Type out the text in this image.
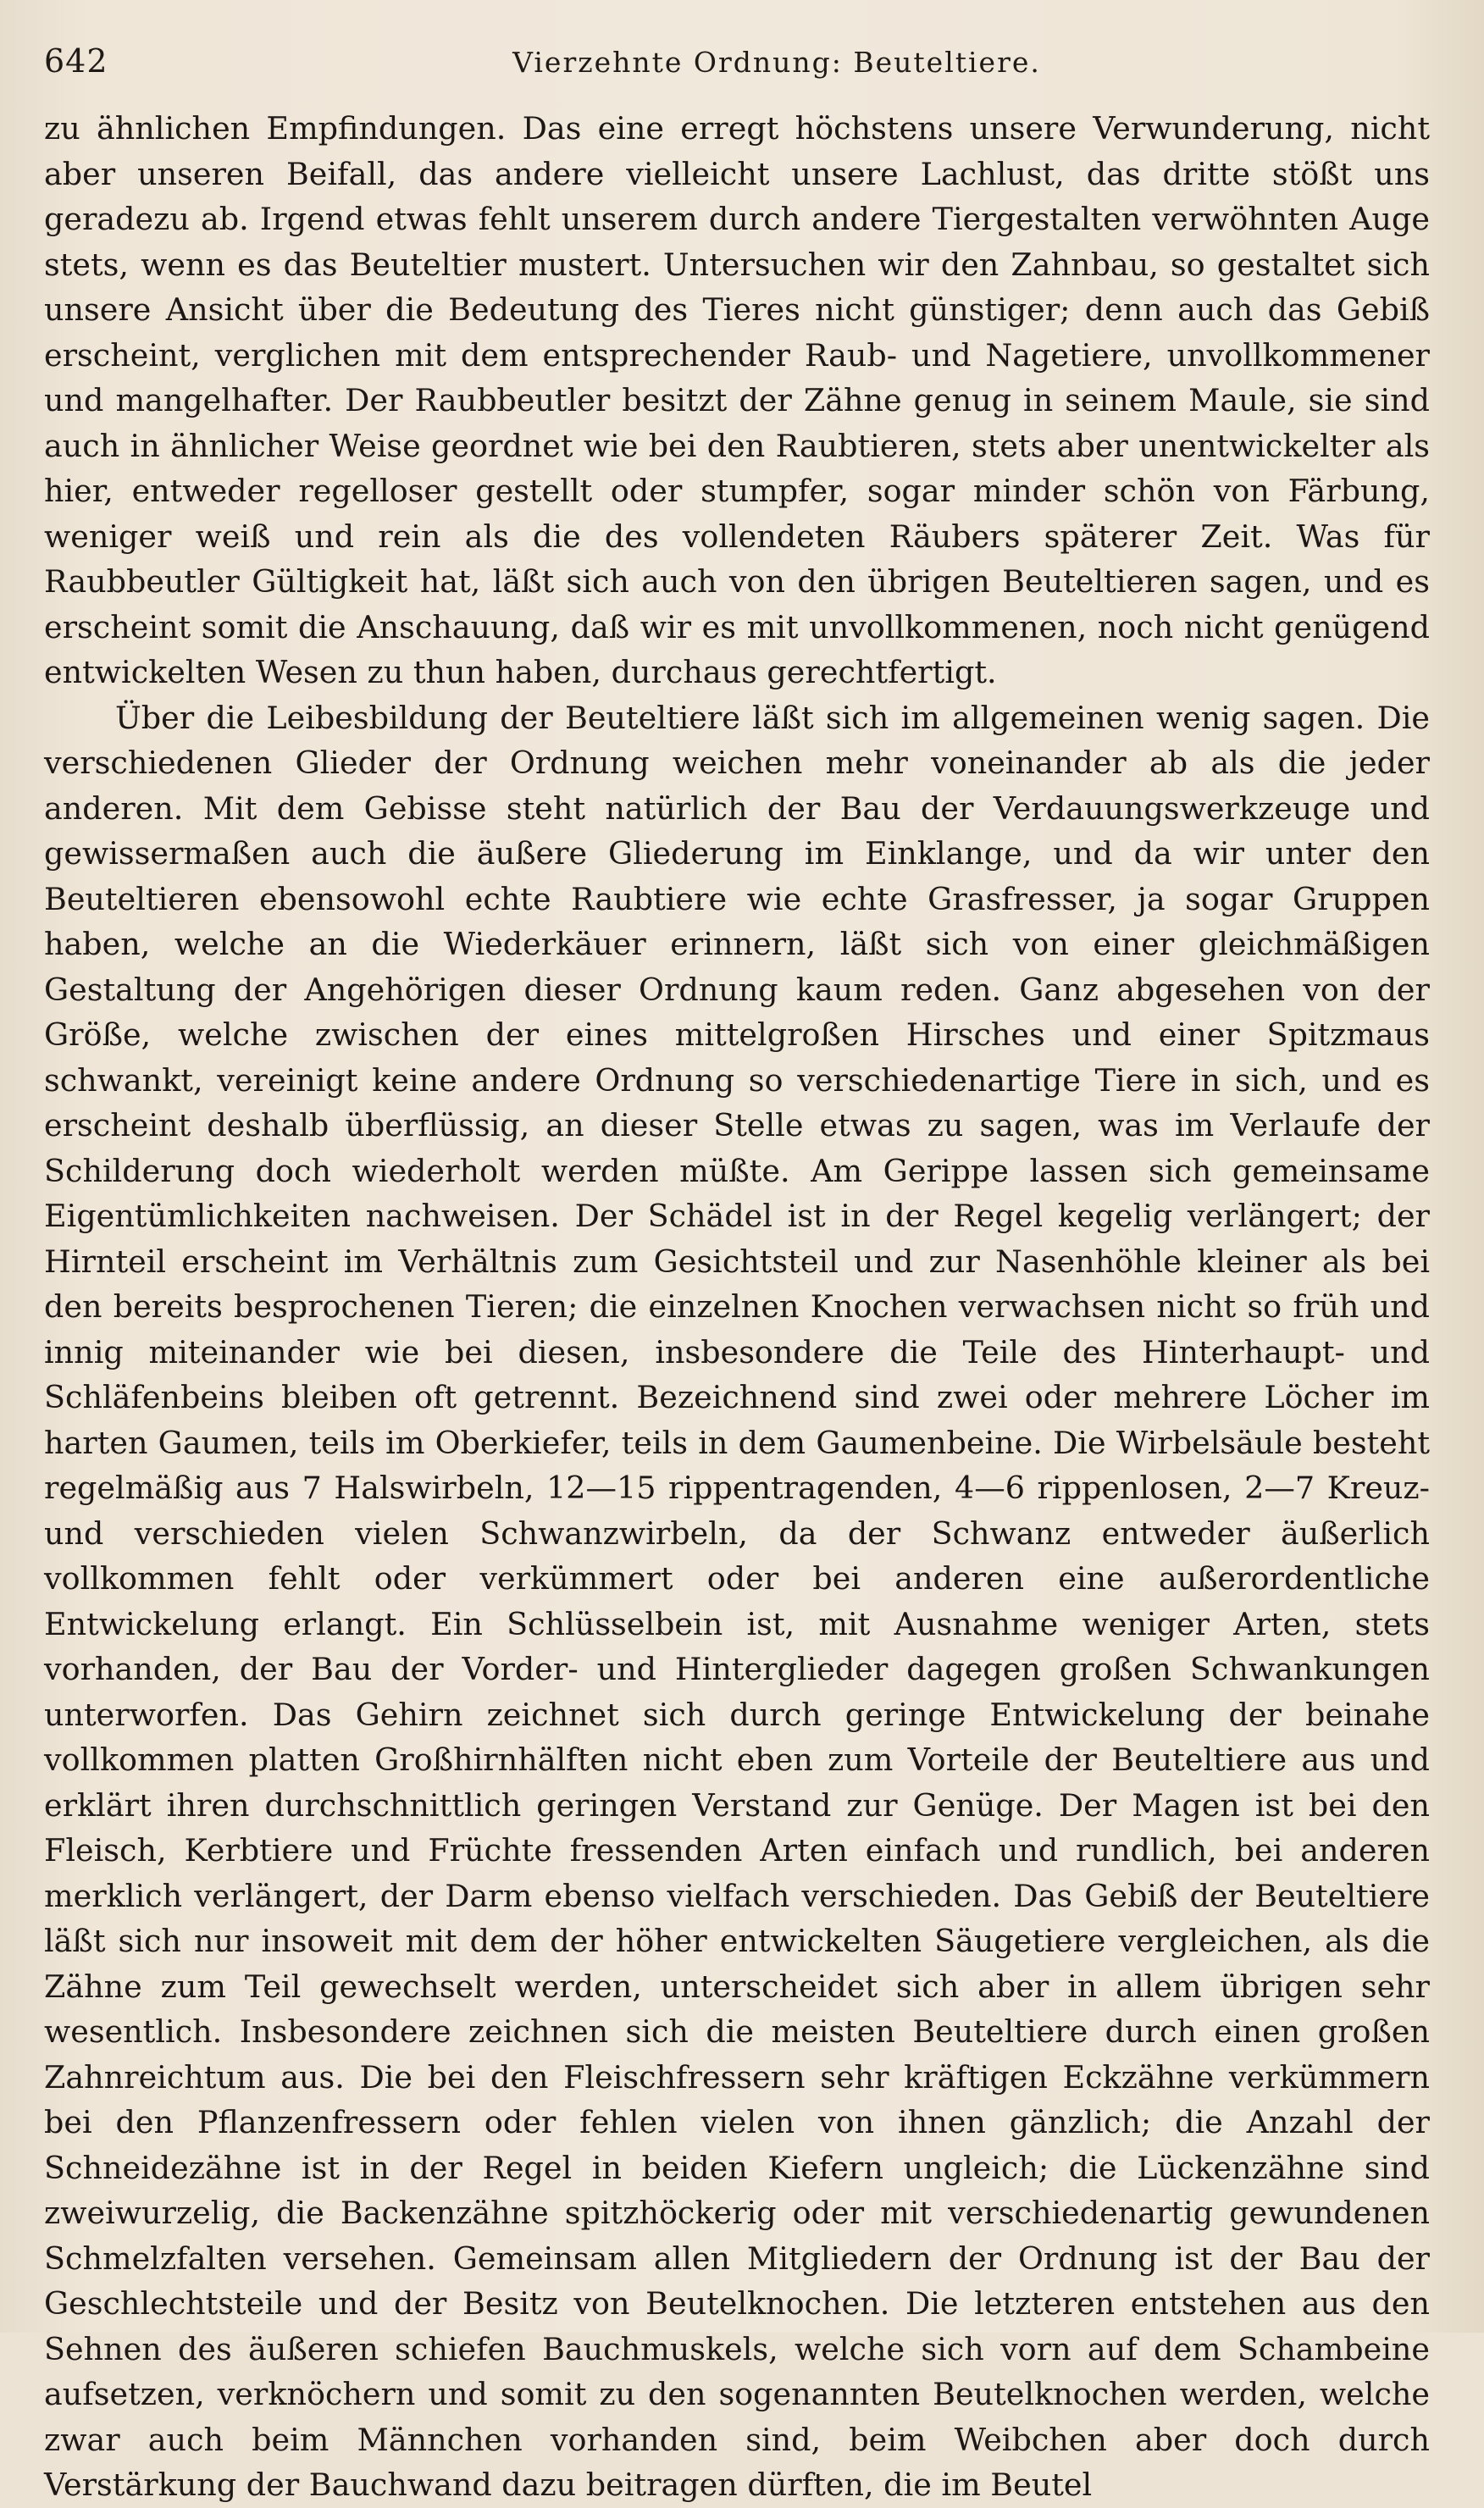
642	Vierzehnte Ordnung: Beuteltiere.

zu ähnlichen Empfindungen. Das eine erregt höchstens unsere Verwunderung, nicht aber unseren Beifall, das andere vielleicht unsere Lachlust, das dritte stößt uns geradezu ab. Irgend etwas fehlt unserem durch andere Tiergestalten verwöhnten Auge stets, wenn es das Beuteltier mustert. Untersuchen wir den Zahnbau, so gestaltet sich unsere Ansicht über die Bedeutung des Tieres nicht günstiger; denn auch das Gebiß erscheint, verglichen mit dem entsprechender Raub- und Nagetiere, unvollkommener und mangelhafter. Der Raubbeutler besitzt der Zähne genug in seinem Maule, sie sind auch in ähnlicher Weise geordnet wie bei den Raubtieren, stets aber unentwickelter als hier, entweder regelloser gestellt oder stumpfer, sogar minder schön von Färbung, weniger weiß und rein als die des vollendeten Räubers späterer Zeit. Was für Raubbeutler Gültigkeit hat, läßt sich auch von den übrigen Beuteltieren sagen, und es erscheint somit die Anschauung, daß wir es mit unvollkommenen, noch nicht genügend entwickelten Wesen zu thun haben, durchaus gerechtfertigt.

Über die Leibesbildung der Beuteltiere läßt sich im allgemeinen wenig sagen. Die verschiedenen Glieder der Ordnung weichen mehr voneinander ab als die jeder anderen. Mit dem Gebisse steht natürlich der Bau der Verdauungswerkzeuge und gewissermaßen auch die äußere Gliederung im Einklange, und da wir unter den Beuteltieren ebensowohl echte Raubtiere wie echte Grasfresser, ja sogar Gruppen haben, welche an die Wiederkäuer erinnern, läßt sich von einer gleichmäßigen Gestaltung der Angehörigen dieser Ordnung kaum reden. Ganz abgesehen von der Größe, welche zwischen der eines mittelgroßen Hirsches und einer Spitzmaus schwankt, vereinigt keine andere Ordnung so verschiedenartige Tiere in sich, und es erscheint deshalb überflüssig, an dieser Stelle etwas zu sagen, was im Verlaufe der Schilderung doch wiederholt werden müßte. Am Gerippe lassen sich gemeinsame Eigentümlichkeiten nachweisen. Der Schädel ist in der Regel kegelig verlängert; der Hirnteil erscheint im Verhältnis zum Gesichtsteil und zur Nasenhöhle kleiner als bei den bereits besprochenen Tieren; die einzelnen Knochen verwachsen nicht so früh und innig miteinander wie bei diesen, insbesondere die Teile des Hinterhaupt- und Schläfenbeins bleiben oft getrennt. Bezeichnend sind zwei oder mehrere Löcher im harten Gaumen, teils im Oberkiefer, teils in dem Gaumenbeine. Die Wirbelsäule besteht regelmäßig aus 7 Halswirbeln, 12—15 rippentragenden, 4—6 rippenlosen, 2—7 Kreuz- und verschieden vielen Schwanzwirbeln, da der Schwanz entweder äußerlich vollkommen fehlt oder verkümmert oder bei anderen eine außerordentliche Entwickelung erlangt. Ein Schlüsselbein ist, mit Ausnahme weniger Arten, stets vorhanden, der Bau der Vorder- und Hinterglieder dagegen großen Schwankungen unterworfen. Das Gehirn zeichnet sich durch geringe Entwickelung der beinahe vollkommen platten Großhirnhälften nicht eben zum Vorteile der Beuteltiere aus und erklärt ihren durchschnittlich geringen Verstand zur Genüge. Der Magen ist bei den Fleisch, Kerbtiere und Früchte fressenden Arten einfach und rundlich, bei anderen merklich verlängert, der Darm ebenso vielfach verschieden. Das Gebiß der Beuteltiere läßt sich nur insoweit mit dem der höher entwickelten Säugetiere vergleichen, als die Zähne zum Teil gewechselt werden, unterscheidet sich aber in allem übrigen sehr wesentlich. Insbesondere zeichnen sich die meisten Beuteltiere durch einen großen Zahnreichtum aus. Die bei den Fleischfressern sehr kräftigen Eckzähne verkümmern bei den Pflanzenfressern oder fehlen vielen von ihnen gänzlich; die Anzahl der Schneidezähne ist in der Regel in beiden Kiefern ungleich; die Lückenzähne sind zweiwurzelig, die Backenzähne spitzhöckerig oder mit verschiedenartig gewundenen Schmelzfalten versehen. Gemeinsam allen Mitgliedern der Ordnung ist der Bau der Geschlechtsteile und der Besitz von Beutelknochen. Die letzteren entstehen aus den Sehnen des äußeren schiefen Bauchmuskels, welche sich vorn auf dem Schambeine aufsetzen, verknöchern und somit zu den sogenannten Beutelknochen werden, welche zwar auch beim Männchen vorhanden sind, beim Weibchen aber doch durch Verstärkung der Bauchwand dazu beitragen dürften, die im Beutel
